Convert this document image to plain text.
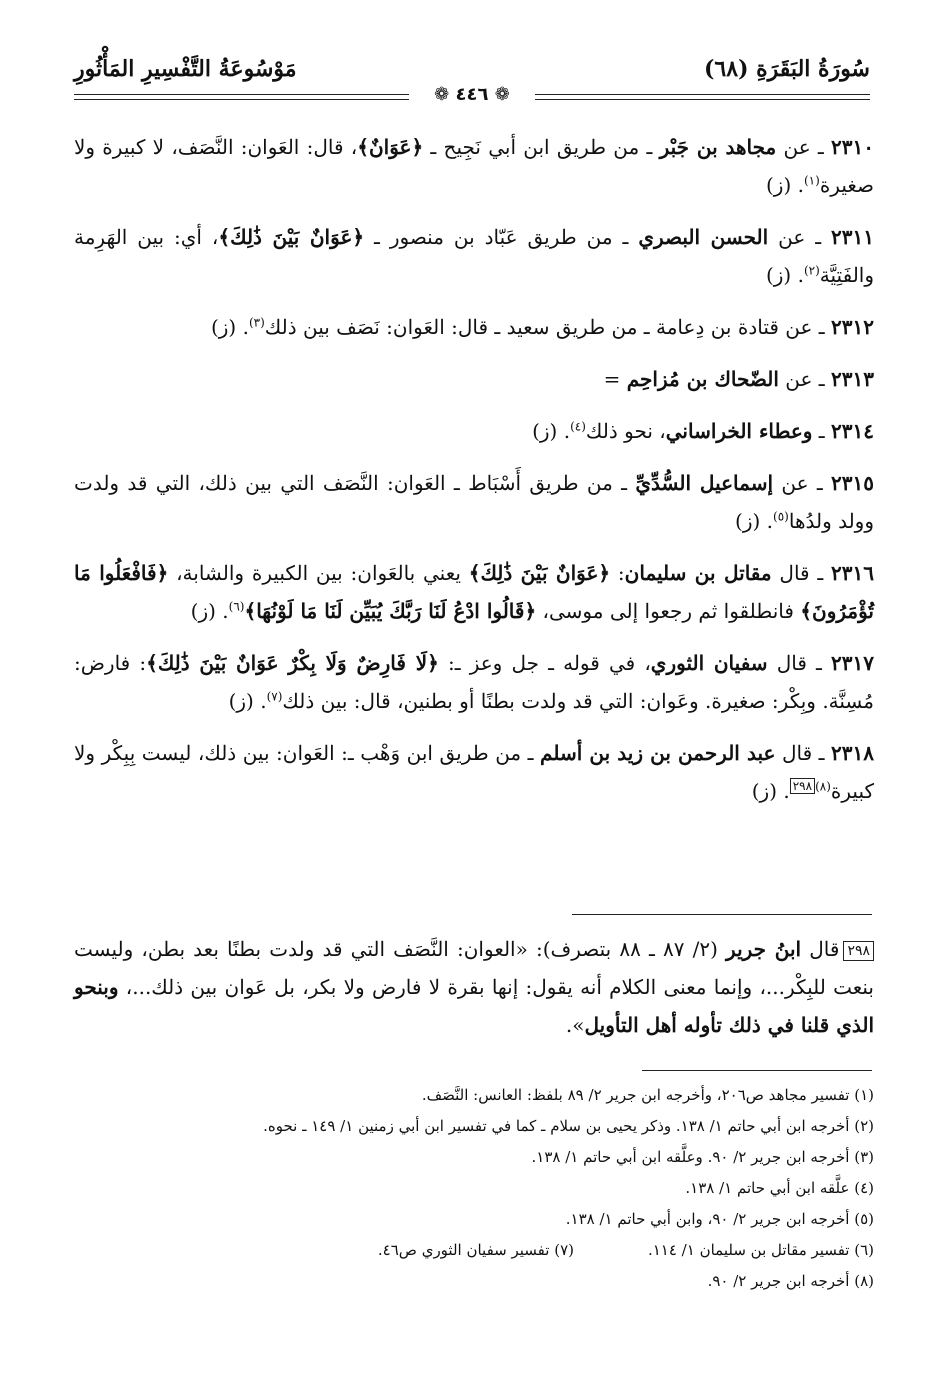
سُورَةُ البَقَرَةِ (٦٨)
مَوْسُوعَةُ التَّفْسِيرِ المَأْثُورِ
❁ ٤٤٦ ❁

٢٣١٠ ـ عن مجاهد بن جَبْر ـ من طريق ابن أبي نَجِيح ـ ﴿عَوَانٌ﴾، قال: العَوان: النَّصَف، لا كبيرة ولا صغيرة$^{(١)}$. (ز)

٢٣١١ ـ عن الحسن البصري ـ من طريق عَبّاد بن منصور ـ ﴿عَوَانٌ بَيْنَ ذَٰلِكَ﴾، أي: بين الهَرِمة والفَتِيَّة$^{(٢)}$. (ز)

٢٣١٢ ـ عن قتادة بن دِعامة ـ من طريق سعيد ـ قال: العَوان: نَصَف بين ذلك$^{(٣)}$. (ز)

٢٣١٣ ـ عن الضّحاك بن مُزاحِم =

٢٣١٤ ـ وعطاء الخراساني، نحو ذلك$^{(٤)}$. (ز)

٢٣١٥ ـ عن إسماعيل السُّدِّيِّ ـ من طريق أَسْبَاط ـ العَوان: النَّصَف التي بين ذلك، التي قد ولدت وولد ولدُها$^{(٥)}$. (ز)

٢٣١٦ ـ قال مقاتل بن سليمان: ﴿عَوَانٌ بَيْنَ ذَٰلِكَ﴾ يعني بالعَوان: بين الكبيرة والشابة، ﴿فَافْعَلُوا مَا تُؤْمَرُونَ﴾ فانطلقوا ثم رجعوا إلى موسى، ﴿قَالُوا ادْعُ لَنَا رَبَّكَ يُبَيِّن لَنَا مَا لَوْنُهَا﴾$^{(٦)}$. (ز)

٢٣١٧ ـ قال سفيان الثوري، في قوله ـ جل وعز ـ: ﴿لَا فَارِضٌ وَلَا بِكْرٌ عَوَانٌ بَيْنَ ذَٰلِكَ﴾: فارض: مُسِنَّة. وبِكْر: صغيرة. وعَوان: التي قد ولدت بطنًا أو بطنين، قال: بين ذلك$^{(٧)}$. (ز)

٢٣١٨ ـ قال عبد الرحمن بن زيد بن أسلم ـ من طريق ابن وَهْب ـ: العَوان: بين ذلك، ليست بِبِكْر ولا كبيرة$^{(٨)}$٢٩٨. (ز)

٢٩٨قال ابنُ جرير (٢/ ٨٧ ـ ٨٨ بتصرف): «العوان: النَّصَف التي قد ولدت بطنًا بعد بطن، وليست بنعت للبِكْر...، وإنما معنى الكلام أنه يقول: إنها بقرة لا فارض ولا بكر، بل عَوان بين ذلك...، وبنحو الذي قلنا في ذلك تأوله أهل التأويل».
(١) تفسير مجاهد ص٢٠٦، وأخرجه ابن جرير ٢/ ٨٩ بلفظ: العانس: النَّصَف.
(٢) أخرجه ابن أبي حاتم ١/ ١٣٨. وذكر يحيى بن سلام ـ كما في تفسير ابن أبي زمنين ١/ ١٤٩ ـ نحوه.
(٣) أخرجه ابن جرير ٢/ ٩٠. وعلَّقه ابن أبي حاتم ١/ ١٣٨.
(٤) علَّقه ابن أبي حاتم ١/ ١٣٨.
(٥) أخرجه ابن جرير ٢/ ٩٠، وابن أبي حاتم ١/ ١٣٨.
(٦) تفسير مقاتل بن سليمان ١/ ١١٤.
(٧) تفسير سفيان الثوري ص٤٦.
(٨) أخرجه ابن جرير ٢/ ٩٠.
